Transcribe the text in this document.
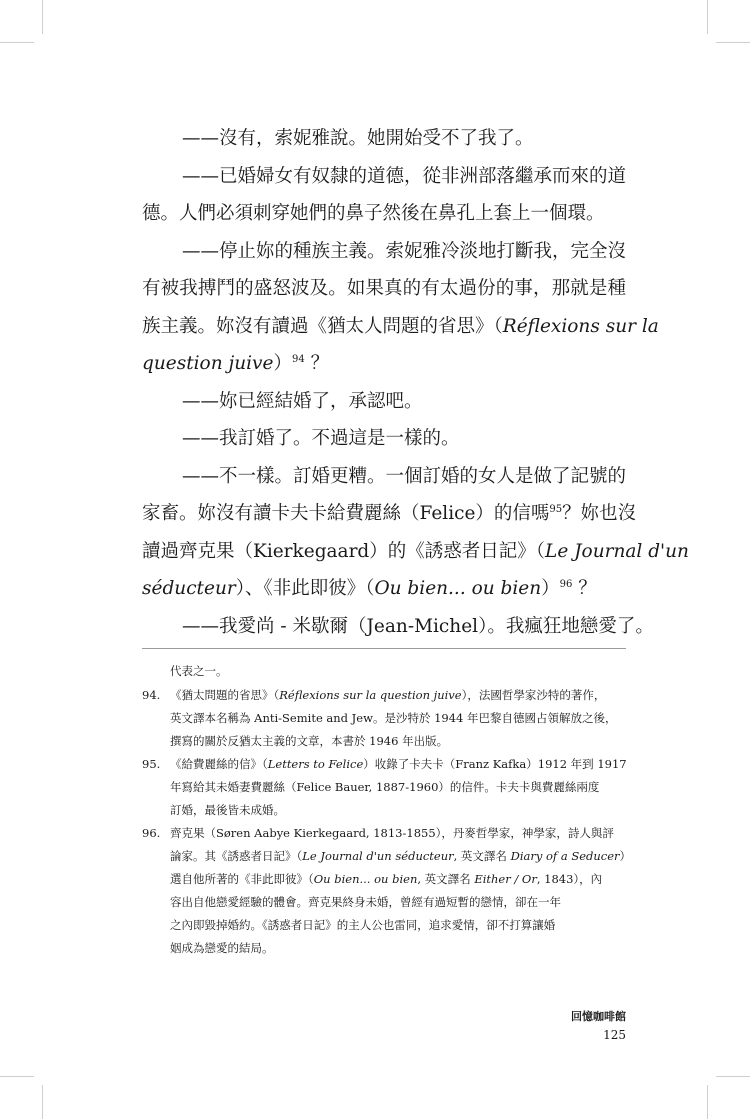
——沒有，索妮雅說。她開始受不了我了。
——已婚婦女有奴隸的道德，從非洲部落繼承而來的道
德。人們必須刺穿她們的鼻子然後在鼻孔上套上一個環。
——停止妳的種族主義。索妮雅冷淡地打斷我，完全沒
有被我搏鬥的盛怒波及。如果真的有太過份的事，那就是種
族主義。妳沒有讀過《猶太人問題的省思》（Réflexions sur la
question juive）$^{94}$ ？
——妳已經結婚了，承認吧。
——我訂婚了。不過這是一樣的。
——不一樣。訂婚更糟。一個訂婚的女人是做了記號的
家畜。妳沒有讀卡夫卡給費麗絲（Felice）的信嗎$^{95}$？妳也沒
讀過齊克果（Kierkegaard）的《誘惑者日記》（Le Journal d'un
séducteur）、《非此即彼》（Ou bien... ou bien）$^{96}$ ？
——我愛尚 - 米歇爾（Jean-Michel）。我瘋狂地戀愛了。
代表之一。
94. 《猶太問題的省思》（Réflexions sur la question juive），法國哲學家沙特的著作，
英文譯本名稱為 Anti-Semite and Jew。是沙特於 1944 年巴黎自德國占領解放之後，
撰寫的關於反猶太主義的文章，本書於 1946 年出版。
95. 《給費麗絲的信》（Letters to Felice）收錄了卡夫卡（Franz Kafka）1912 年到 1917
年寫給其未婚妻費麗絲（Felice Bauer, 1887-1960）的信件。卡夫卡與費麗絲兩度
訂婚，最後皆未成婚。
96. 齊克果（Søren Aabye Kierkegaard, 1813-1855），丹麥哲學家，神學家，詩人與評
論家。其《誘惑者日記》（Le Journal d'un séducteur, 英文譯名 Diary of a Seducer）
選自他所著的《非此即彼》（Ou bien... ou bien, 英文譯名 Either / Or, 1843），內
容出自他戀愛經驗的體會。齊克果終身未婚，曾經有過短暫的戀情，卻在一年
之內即毀掉婚約。《誘惑者日記》的主人公也雷同，追求愛情，卻不打算讓婚
姻成為戀愛的結局。
回憶咖啡館
125
